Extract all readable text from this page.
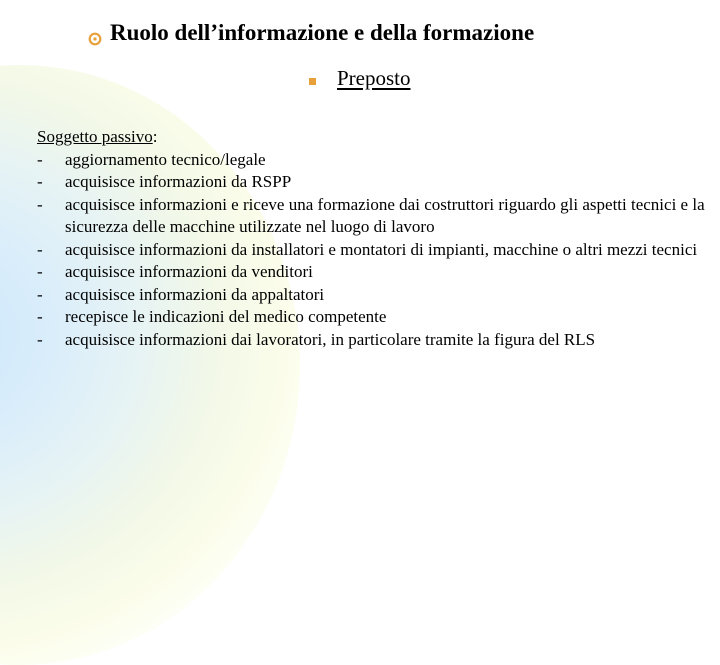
Ruolo dell’informazione e della formazione
Preposto
Soggetto passivo:
-	aggiornamento tecnico/legale
-	acquisisce informazioni da RSPP
-	acquisisce informazioni e riceve una formazione dai costruttori riguardo gli aspetti tecnici e la sicurezza delle macchine utilizzate nel luogo di lavoro
-	acquisisce informazioni da installatori e montatori di impianti, macchine o altri mezzi tecnici
-	acquisisce informazioni da venditori
-	acquisisce informazioni da appaltatori
-	recepisce le indicazioni del medico competente
-	acquisisce informazioni dai lavoratori, in particolare tramite la figura del RLS
